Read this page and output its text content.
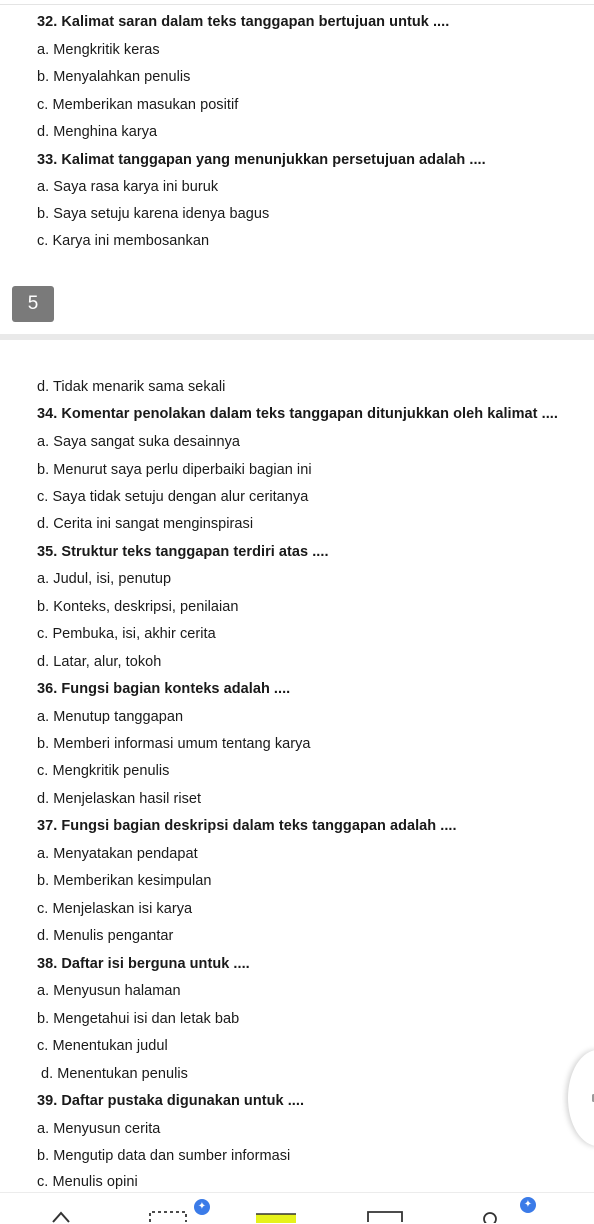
32. Kalimat saran dalam teks tanggapan bertujuan untuk ....
a. Mengkritik keras
b. Menyalahkan penulis
c. Memberikan masukan positif
d. Menghina karya
33. Kalimat tanggapan yang menunjukkan persetujuan adalah ....
a. Saya rasa karya ini buruk
b. Saya setuju karena idenya bagus
c. Karya ini membosankan
5
d. Tidak menarik sama sekali
34. Komentar penolakan dalam teks tanggapan ditunjukkan oleh kalimat ....
a. Saya sangat suka desainnya
b. Menurut saya perlu diperbaiki bagian ini
c. Saya tidak setuju dengan alur ceritanya
d. Cerita ini sangat menginspirasi
35. Struktur teks tanggapan terdiri atas ....
a. Judul, isi, penutup
b. Konteks, deskripsi, penilaian
c. Pembuka, isi, akhir cerita
d. Latar, alur, tokoh
36. Fungsi bagian konteks adalah ....
a. Menutup tanggapan
b. Memberi informasi umum tentang karya
c. Mengkritik penulis
d. Menjelaskan hasil riset
37. Fungsi bagian deskripsi dalam teks tanggapan adalah ....
a. Menyatakan pendapat
b. Memberikan kesimpulan
c. Menjelaskan isi karya
d. Menulis pengantar
38. Daftar isi berguna untuk ....
a. Menyusun halaman
b. Mengetahui isi dan letak bab
c. Menentukan judul
d. Menentukan penulis
39. Daftar pustaka digunakan untuk ....
a. Menyusun cerita
b. Mengutip data dan sumber informasi
c. Menulis opini
✦	✦
